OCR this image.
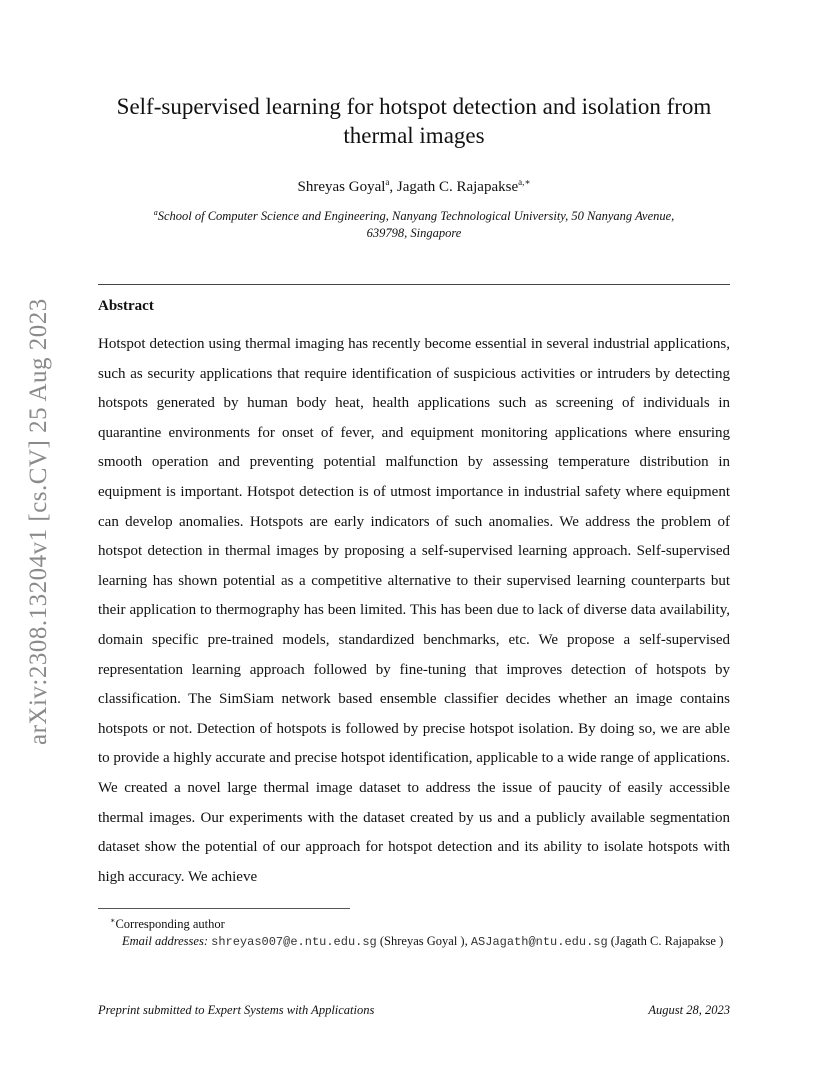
arXiv:2308.13204v1 [cs.CV] 25 Aug 2023
Self-supervised learning for hotspot detection and isolation from thermal images
Shreyas Goyal$^a$, Jagath C. Rajapakse$^{a,∗}$
$^a$School of Computer Science and Engineering, Nanyang Technological University, 50 Nanyang Avenue, 639798, Singapore
Abstract
Hotspot detection using thermal imaging has recently become essential in several industrial applications, such as security applications that require identification of suspicious activities or intruders by detecting hotspots generated by human body heat, health applications such as screening of individuals in quarantine environments for onset of fever, and equipment monitoring applications where ensuring smooth operation and preventing potential malfunction by assessing temperature distribution in equipment is important. Hotspot detection is of utmost importance in industrial safety where equipment can develop anomalies. Hotspots are early indicators of such anomalies. We address the problem of hotspot detection in thermal images by proposing a self-supervised learning approach. Self-supervised learning has shown potential as a competitive alternative to their supervised learning counterparts but their application to thermography has been limited. This has been due to lack of diverse data availability, domain specific pre-trained models, standardized benchmarks, etc. We propose a self-supervised representation learning approach followed by fine-tuning that improves detection of hotspots by classification. The SimSiam network based ensemble classifier decides whether an image contains hotspots or not. Detection of hotspots is followed by precise hotspot isolation. By doing so, we are able to provide a highly accurate and precise hotspot identification, applicable to a wide range of applications. We created a novel large thermal image dataset to address the issue of paucity of easily accessible thermal images. Our experiments with the dataset created by us and a publicly available segmentation dataset show the potential of our approach for hotspot detection and its ability to isolate hotspots with high accuracy. We achieve
∗Corresponding author
Email addresses: shreyas007@e.ntu.edu.sg (Shreyas Goyal ), ASJagath@ntu.edu.sg (Jagath C. Rajapakse )
Preprint submitted to Expert Systems with Applications	August 28, 2023
